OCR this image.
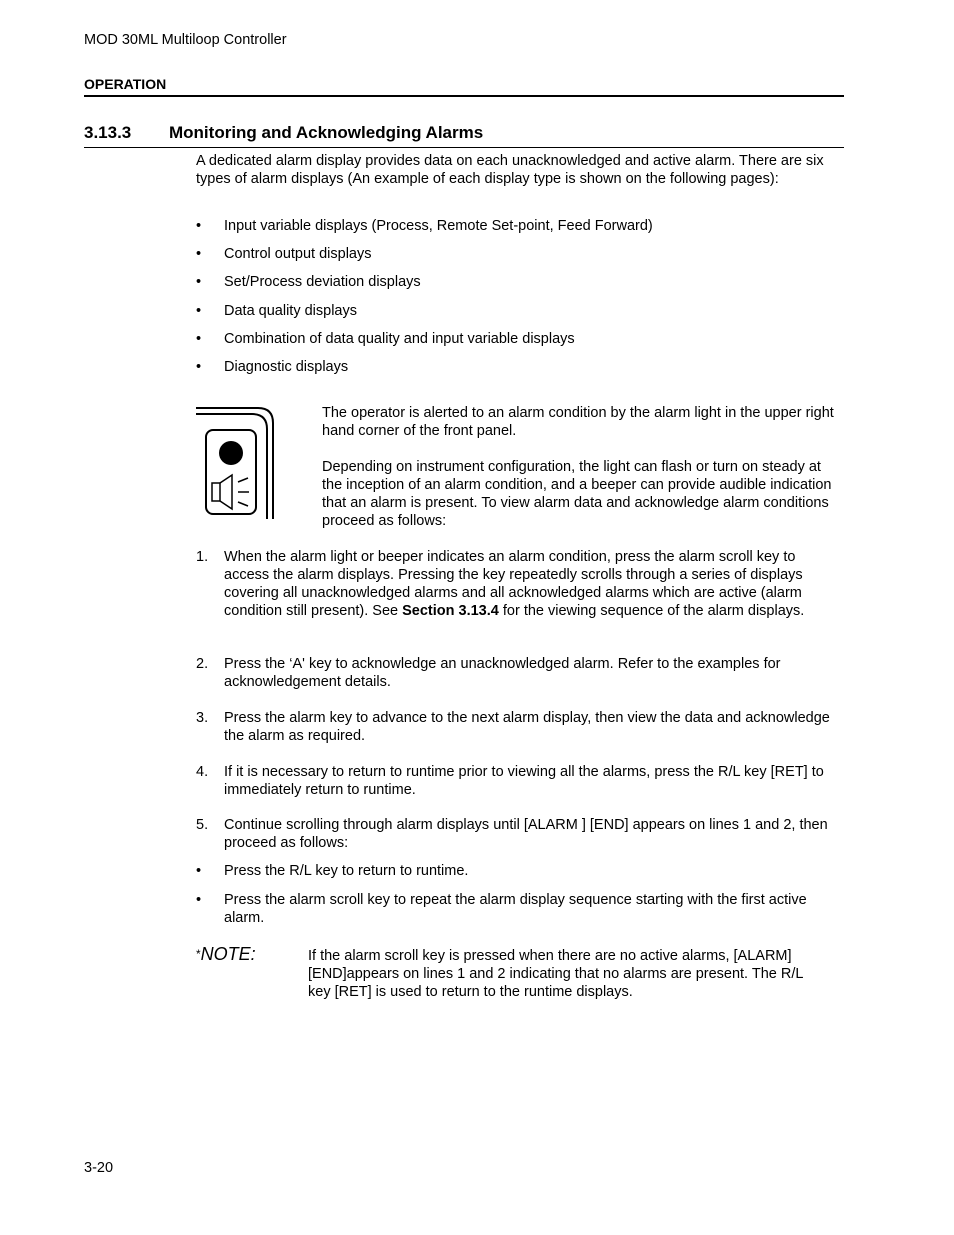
MOD 30ML Multiloop Controller
OPERATION
3.13.3 Monitoring and Acknowledging Alarms
A dedicated alarm display provides data on each unacknowledged and active alarm. There are six types of alarm displays (An example of each display type is shown on the following pages):
• Input variable displays (Process, Remote Set-point, Feed Forward)
• Control output displays
• Set/Process deviation displays
• Data quality displays
• Combination of data quality and input variable displays
• Diagnostic displays
The operator is alerted to an alarm condition by the alarm light in the upper right hand corner of the front panel.
Depending on instrument configuration, the light can flash or turn on steady at the inception of an alarm condition, and a beeper can provide audible indication that an alarm is present. To view alarm data and acknowledge alarm conditions proceed as follows:
1. When the alarm light or beeper indicates an alarm condition, press the alarm scroll key to access the alarm displays. Pressing the key repeatedly scrolls through a series of displays covering all unacknowledged alarms and all acknowledged alarms which are active (alarm condition still present). See Section 3.13.4 for the viewing sequence of the alarm displays.
2. Press the ‘A' key to acknowledge an unacknowledged alarm. Refer to the examples for acknowledgement details.
3. Press the alarm key to advance to the next alarm display, then view the data and acknowledge the alarm as required.
4. If it is necessary to return to runtime prior to viewing all the alarms, press the R/L key [RET] to immediately return to runtime.
5. Continue scrolling through alarm displays until [ALARM ] [END] appears on lines 1 and 2, then proceed as follows:
• Press the R/L key to return to runtime.
• Press the alarm scroll key to repeat the alarm display sequence starting with the first active alarm.
*NOTE:	If the alarm scroll key is pressed when there are no active alarms, [ALARM] [END]appears on lines 1 and 2 indicating that no alarms are present. The R/L key [RET] is used to return to the runtime displays.
3-20
